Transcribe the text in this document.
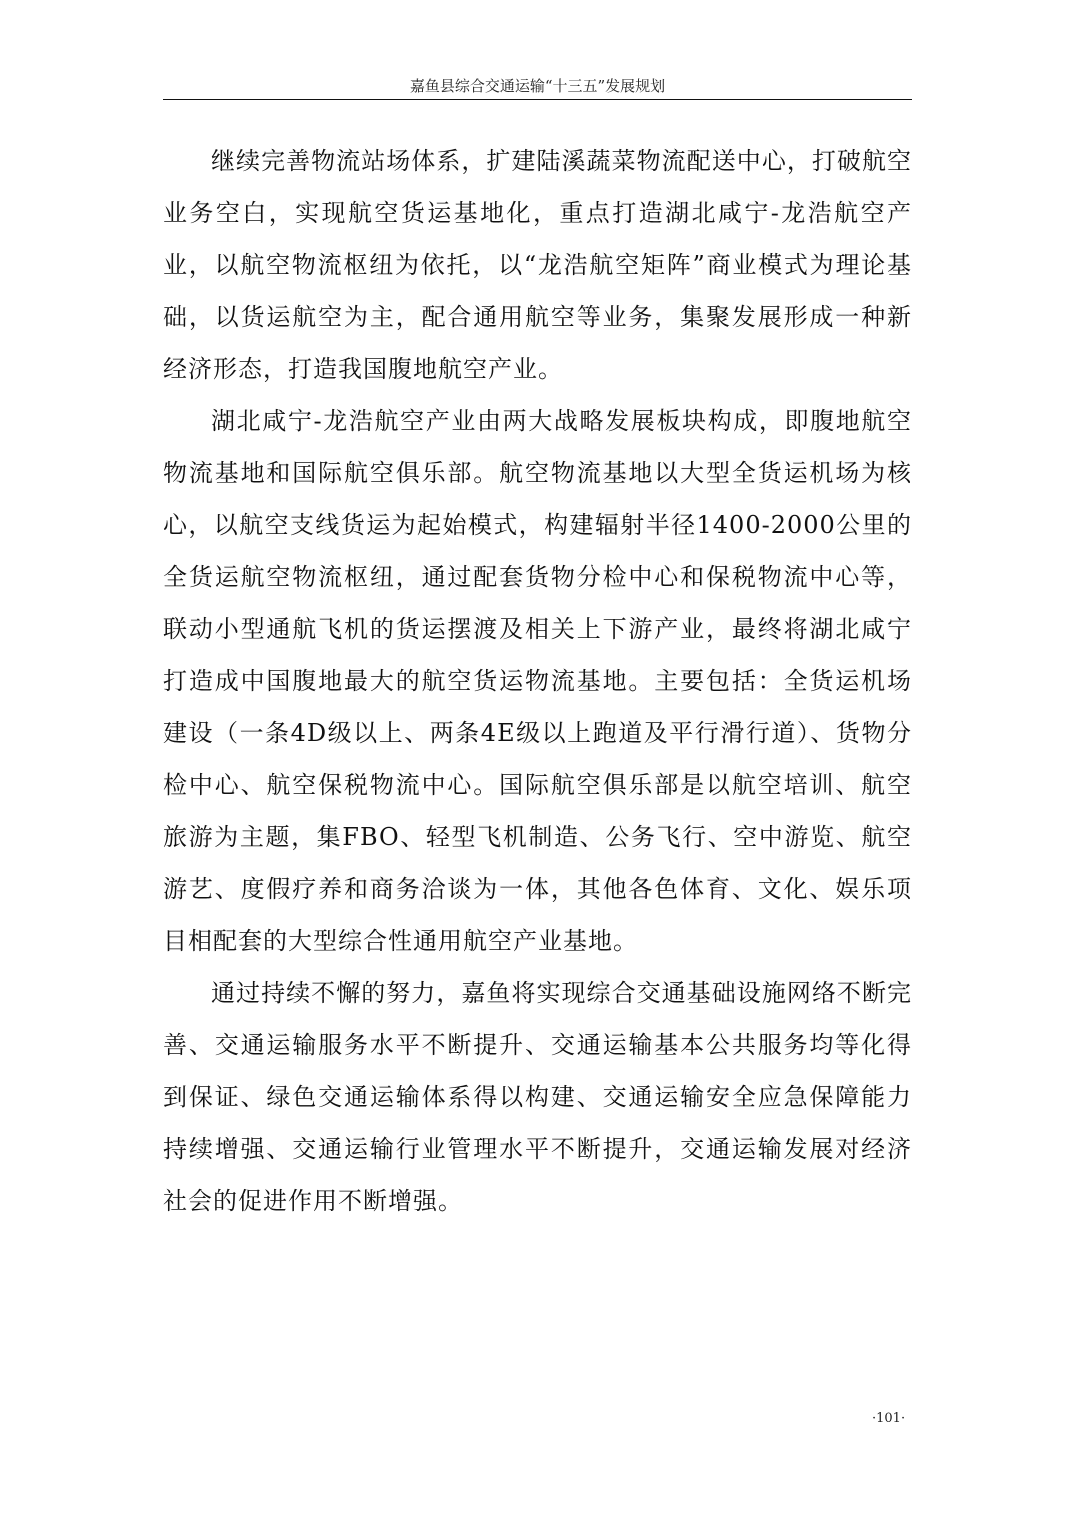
嘉鱼县综合交通运输“十三五”发展规划

继续完善物流站场体系，扩建陆溪蔬菜物流配送中心，打破航空业务空白，实现航空货运基地化，重点打造湖北咸宁-龙浩航空产业，以航空物流枢纽为依托，以“龙浩航空矩阵”商业模式为理论基础，以货运航空为主，配合通用航空等业务，集聚发展形成一种新经济形态，打造我国腹地航空产业。

湖北咸宁-龙浩航空产业由两大战略发展板块构成，即腹地航空物流基地和国际航空俱乐部。航空物流基地以大型全货运机场为核心，以航空支线货运为起始模式，构建辐射半径1400-2000公里的全货运航空物流枢纽，通过配套货物分检中心和保税物流中心等，联动小型通航飞机的货运摆渡及相关上下游产业，最终将湖北咸宁打造成中国腹地最大的航空货运物流基地。主要包括：全货运机场建设（一条4D级以上、两条4E级以上跑道及平行滑行道）、货物分检中心、航空保税物流中心。国际航空俱乐部是以航空培训、航空旅游为主题，集FBO、轻型飞机制造、公务飞行、空中游览、航空游艺、度假疗养和商务洽谈为一体，其他各色体育、文化、娱乐项目相配套的大型综合性通用航空产业基地。

通过持续不懈的努力，嘉鱼将实现综合交通基础设施网络不断完善、交通运输服务水平不断提升、交通运输基本公共服务均等化得到保证、绿色交通运输体系得以构建、交通运输安全应急保障能力持续增强、交通运输行业管理水平不断提升，交通运输发展对经济社会的促进作用不断增强。

·101·
